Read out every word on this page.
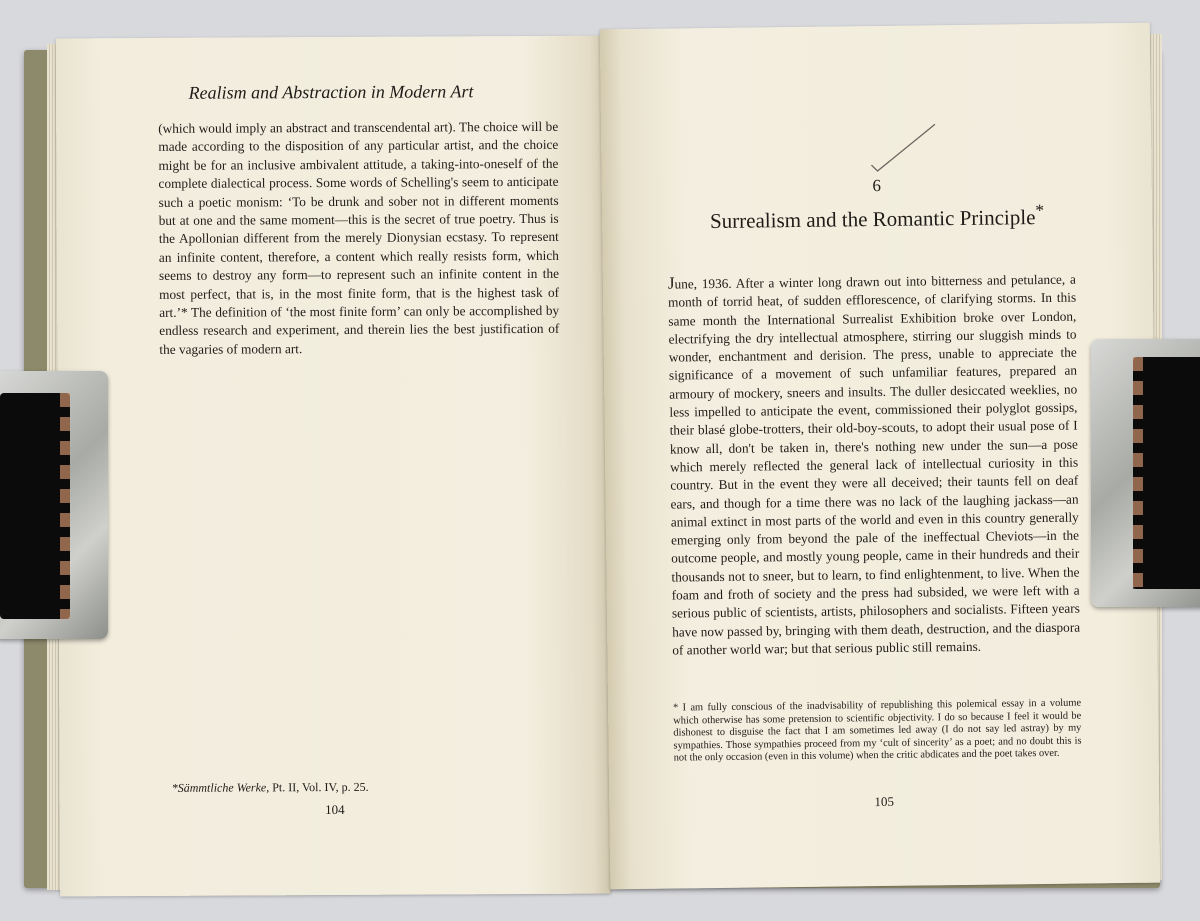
Realism and Abstraction in Modern Art
(which would imply an abstract and transcendental art). The choice will be made according to the disposition of any particular artist, and the choice might be for an inclusive ambivalent attitude, a taking-into-oneself of the complete dialectical process. Some words of Schelling's seem to anticipate such a poetic monism: ‘To be drunk and sober not in different moments but at one and the same moment—this is the secret of true poetry. Thus is the Apollonian different from the merely Dionysian ecstasy. To represent an infinite content, therefore, a content which really resists form, which seems to destroy any form—to represent such an infinite content in the most perfect, that is, in the most finite form, that is the highest task of art.’* The definition of ‘the most finite form’ can only be accomplished by endless research and experiment, and therein lies the best justification of the vagaries of modern art.
*Sämmtliche Werke, Pt. II, Vol. IV, p. 25.
104
6
Surrealism and the Romantic Principle*
June, 1936. After a winter long drawn out into bitterness and petulance, a month of torrid heat, of sudden efflorescence, of clarifying storms. In this same month the International Surrealist Exhibition broke over London, electrifying the dry intellectual atmosphere, stirring our sluggish minds to wonder, enchantment and derision. The press, unable to appreciate the significance of a movement of such unfamiliar features, prepared an armoury of mockery, sneers and insults. The duller desiccated weeklies, no less impelled to anticipate the event, commissioned their polyglot gossips, their blasé globe-trotters, their old-boy-scouts, to adopt their usual pose of I know all, don't be taken in, there's nothing new under the sun—a pose which merely reflected the general lack of intellectual curiosity in this country. But in the event they were all deceived; their taunts fell on deaf ears, and though for a time there was no lack of the laughing jackass—an animal extinct in most parts of the world and even in this country generally emerging only from beyond the pale of the ineffectual Cheviots—in the outcome people, and mostly young people, came in their hundreds and their thousands not to sneer, but to learn, to find enlightenment, to live. When the foam and froth of society and the press had subsided, we were left with a serious public of scientists, artists, philosophers and socialists. Fifteen years have now passed by, bringing with them death, destruction, and the diaspora of another world war; but that serious public still remains.
* I am fully conscious of the inadvisability of republishing this polemical essay in a volume which otherwise has some pretension to scientific objectivity. I do so because I feel it would be dishonest to disguise the fact that I am sometimes led away (I do not say led astray) by my sympathies. Those sympathies proceed from my ‘cult of sincerity’ as a poet; and no doubt this is not the only occasion (even in this volume) when the critic abdicates and the poet takes over.
105
